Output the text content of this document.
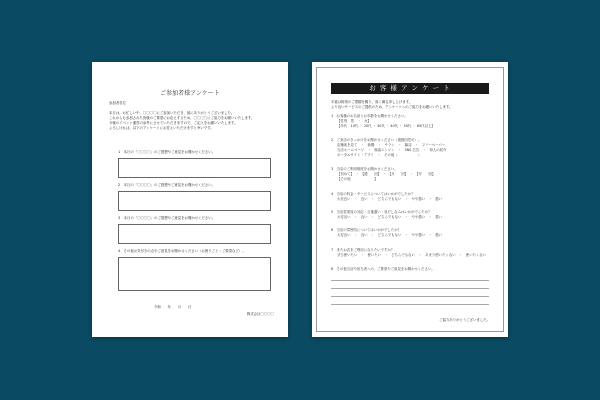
ご参加者様アンケート
参加者各位
本日は、お忙しい中、〇〇〇〇にご参加いただき、誠にありがとうございました。
これからも参加された皆様のご要望にお応えするため、〇〇〇〇にご協力をお願いいたします。
今後のイベント運営の参考にさせていただきますので、ご記入をお願いいたします。
よろしければ、以下のアンケートにお答えいただけますと幸いです。
1　本日の「〇〇〇〇」のご感想やご意見をお聞かせください。
2　本日の「〇〇〇〇」のご感想やご意見をお聞かせください。
3　本日の「〇〇〇〇」のご感想やご意見をお聞かせください。
4　その他お気付きの点やご意見をお聞かせください（お困りごと・ご要望など）。
令和　　年　　月　　日
株式会社〇〇〇〇
お 客 様 ア ン ケ ー ト
平素は格別のご愛顧を賜り、厚く御礼申し上げます。
より良いサービスのご提供のため、アンケートへのご協力をお願いいたします。
1　お客様のお名前とお年齢をお聞かせください。
【性別　男　・　女】
【年代　10代 ・ 20代 ・ 30代 ・ 40代 ・ 50代 ・ 60代以上】
2　ご来店のきっかけをお聞かせください（複数回答可）。
店舗前を見て　・　新聞　・　チラシ　・　雑誌　・　フリーペーパー
当店ホームページ　・　検索エンジン　・　SNS 広告　・　知人の紹介
ポータルサイト・アプリ　・　その他（　　　　　　）
3　当店のご利用頻度をお聞かせください。
【初めて】　・　【週　　回】　・　【月　　回】　・　【年　　回】
【その他　　　　　　　】
4　当店の料金・サービスについてはいかがでしたか？
大変良い　・　良い　・　どちらでもない　・　やや悪い　・　悪い
5　当店従業員の対応・言葉遣い・身だしなみはいかがでしたか？
大変良い　・　良い　・　どちらでもない　・　やや悪い　・　悪い
6　当店の雰囲気についてはいかがでしたか？
大変良い　・　良い　・　どちらでもない　・　やや悪い　・　悪い
7　またお店をご利用になりたいですか？
ぜひ使いたい　・　使いたい　・　どちらでもない　・　あまり使いたくない　・　使いたくない
8　その他当店や担当者への、ご要望やご意見をお聞かせください。
ご協力ありがとうございました。
